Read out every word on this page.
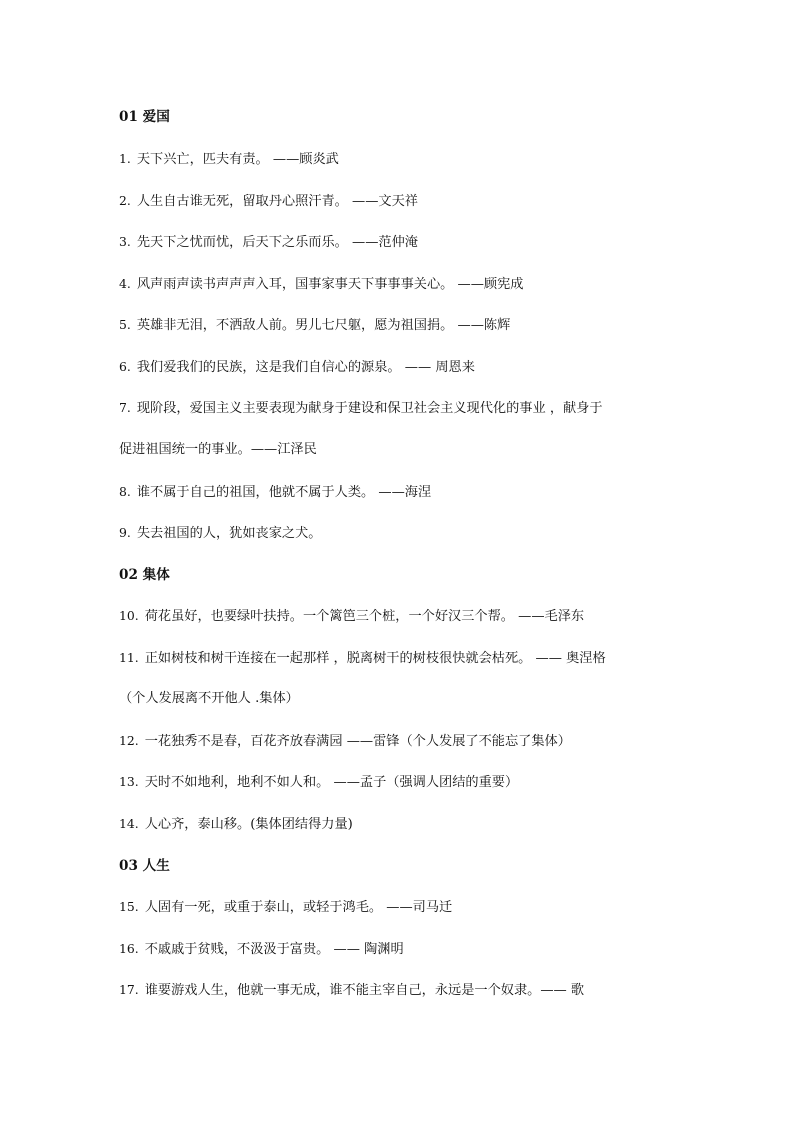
01 爱国
1. 天下兴亡，匹夫有责。 ——顾炎武
2. 人生自古谁无死，留取丹心照汗青。 ——文天祥
3. 先天下之忧而忧，后天下之乐而乐。 ——范仲淹
4. 风声雨声读书声声声入耳，国事家事天下事事事关心。 ——顾宪成
5. 英雄非无泪，不洒敌人前。男儿七尺躯，愿为祖国捐。 ——陈辉
6. 我们爱我们的民族，这是我们自信心的源泉。 —— 周恩来
7. 现阶段，爱国主义主要表现为献身于建设和保卫社会主义现代化的事业 ，献身于
促进祖国统一的事业。——江泽民
8. 谁不属于自己的祖国，他就不属于人类。 ——海涅
9. 失去祖国的人，犹如丧家之犬。
02 集体
10. 荷花虽好，也要绿叶扶持。一个篱笆三个桩，一个好汉三个帮。 ——毛泽东
11. 正如树枝和树干连接在一起那样 ，脱离树干的树枝很快就会枯死。 —— 奥涅格
（个人发展离不开他人 .集体）
12. 一花独秀不是春，百花齐放春满园 ——雷锋（个人发展了不能忘了集体）
13. 天时不如地利，地利不如人和。 ——孟子（强调人团结的重要）
14. 人心齐，泰山移。(集体团结得力量)
03 人生
15. 人固有一死，或重于泰山，或轻于鸿毛。 ——司马迁
16. 不戚戚于贫贱，不汲汲于富贵。 —— 陶渊明
17. 谁要游戏人生，他就一事无成，谁不能主宰自己，永远是一个奴隶。—— 歌
